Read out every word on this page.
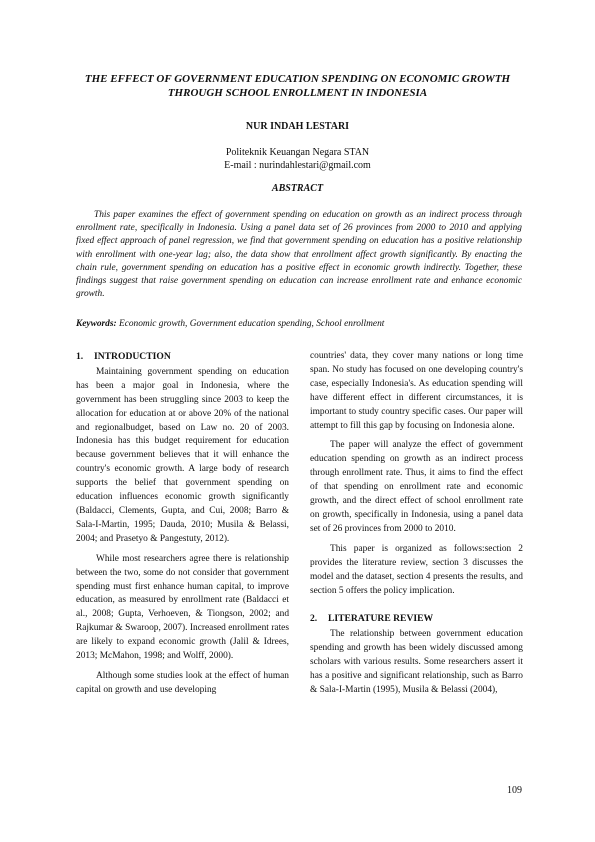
THE EFFECT OF GOVERNMENT EDUCATION SPENDING ON ECONOMIC GROWTH THROUGH SCHOOL ENROLLMENT IN INDONESIA
NUR INDAH LESTARI
Politeknik Keuangan Negara STAN
E-mail : nurindahlestari@gmail.com
ABSTRACT

This paper examines the effect of government spending on education on growth as an indirect process through enrollment rate, specifically in Indonesia. Using a panel data set of 26 provinces from 2000 to 2010 and applying fixed effect approach of panel regression, we find that government spending on education has a positive relationship with enrollment with one-year lag; also, the data show that enrollment affect growth significantly. By enacting the chain rule, government spending on education has a positive effect in economic growth indirectly. Together, these findings suggest that raise government spending on education can increase enrollment rate and enhance economic growth.

Keywords: Economic growth, Government education spending, School enrollment
1. INTRODUCTION

Maintaining government spending on education has been a major goal in Indonesia, where the government has been struggling since 2003 to keep the allocation for education at or above 20% of the national and regionalbudget, based on Law no. 20 of 2003. Indonesia has this budget requirement for education because government believes that it will enhance the country's economic growth. A large body of research supports the belief that government spending on education influences economic growth significantly (Baldacci, Clements, Gupta, and Cui, 2008; Barro & Sala-I-Martin, 1995; Dauda, 2010; Musila & Belassi, 2004; and Prasetyo & Pangestuty, 2012).

While most researchers agree there is relationship between the two, some do not consider that government spending must first enhance human capital, to improve education, as measured by enrollment rate (Baldacci et al., 2008; Gupta, Verhoeven, & Tiongson, 2002; and Rajkumar & Swaroop, 2007). Increased enrollment rates are likely to expand economic growth (Jalil & Idrees, 2013; McMahon, 1998; and Wolff, 2000).

Although some studies look at the effect of human capital on growth and use developing

countries' data, they cover many nations or long time span. No study has focused on one developing country's case, especially Indonesia's. As education spending will have different effect in different circumstances, it is important to study country specific cases. Our paper will attempt to fill this gap by focusing on Indonesia alone.

The paper will analyze the effect of government education spending on growth as an indirect process through enrollment rate. Thus, it aims to find the effect of that spending on enrollment rate and economic growth, and the direct effect of school enrollment rate on growth, specifically in Indonesia, using a panel data set of 26 provinces from 2000 to 2010.

This paper is organized as follows:section 2 provides the literature review, section 3 discusses the model and the dataset, section 4 presents the results, and section 5 offers the policy implication.

2. LITERATURE REVIEW

The relationship between government education spending and growth has been widely discussed among scholars with various results. Some researchers assert it has a positive and significant relationship, such as Barro & Sala-I-Martin (1995), Musila & Belassi (2004),

109
